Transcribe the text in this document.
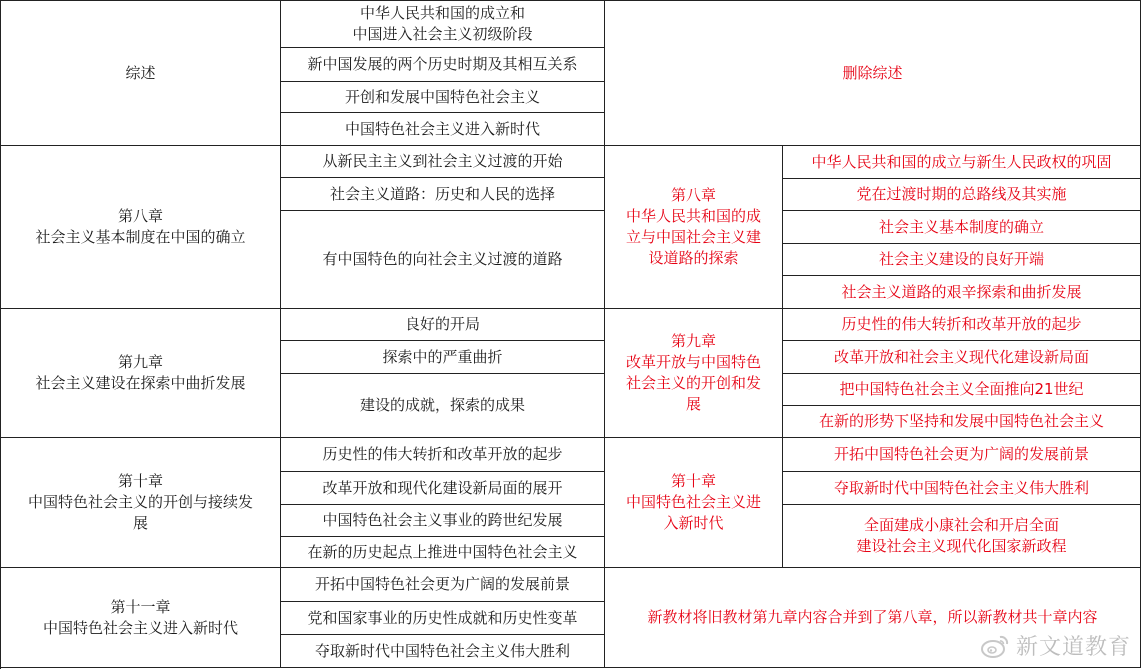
综述
中华人民共和国的成立和
中国进入社会主义初级阶段
新中国发展的两个历史时期及其相互关系
开创和发展中国特色社会主义
中国特色社会主义进入新时代
第八章
社会主义基本制度在中国的确立
从新民主主义到社会主义过渡的开始
社会主义道路：历史和人民的选择
有中国特色的向社会主义过渡的道路
第九章
社会主义建设在探索中曲折发展
良好的开局
探索中的严重曲折
建设的成就，探索的成果
第十章
中国特色社会主义的开创与接续发
展
历史性的伟大转折和改革开放的起步
改革开放和现代化建设新局面的展开
中国特色社会主义事业的跨世纪发展
在新的历史起点上推进中国特色社会主义
第十一章
中国特色社会主义进入新时代
开拓中国特色社会更为广阔的发展前景
党和国家事业的历史性成就和历史性变革
夺取新时代中国特色社会主义伟大胜利
删除综述
新教材将旧教材第九章内容合并到了第八章，所以新教材共十章内容
第八章
中华人民共和国的成
立与中国社会主义建
设道路的探索
中华人民共和国的成立与新生人民政权的巩固
党在过渡时期的总路线及其实施
社会主义基本制度的确立
社会主义建设的良好开端
社会主义道路的艰辛探索和曲折发展
第九章
改革开放与中国特色
社会主义的开创和发
展
历史性的伟大转折和改革开放的起步
改革开放和社会主义现代化建设新局面
把中国特色社会主义全面推向21世纪
在新的形势下坚持和发展中国特色社会主义
第十章
中国特色社会主义进
入新时代
开拓中国特色社会更为广阔的发展前景
夺取新时代中国特色社会主义伟大胜利
全面建成小康社会和开启全面
建设社会主义现代化国家新政程
新文道教育
